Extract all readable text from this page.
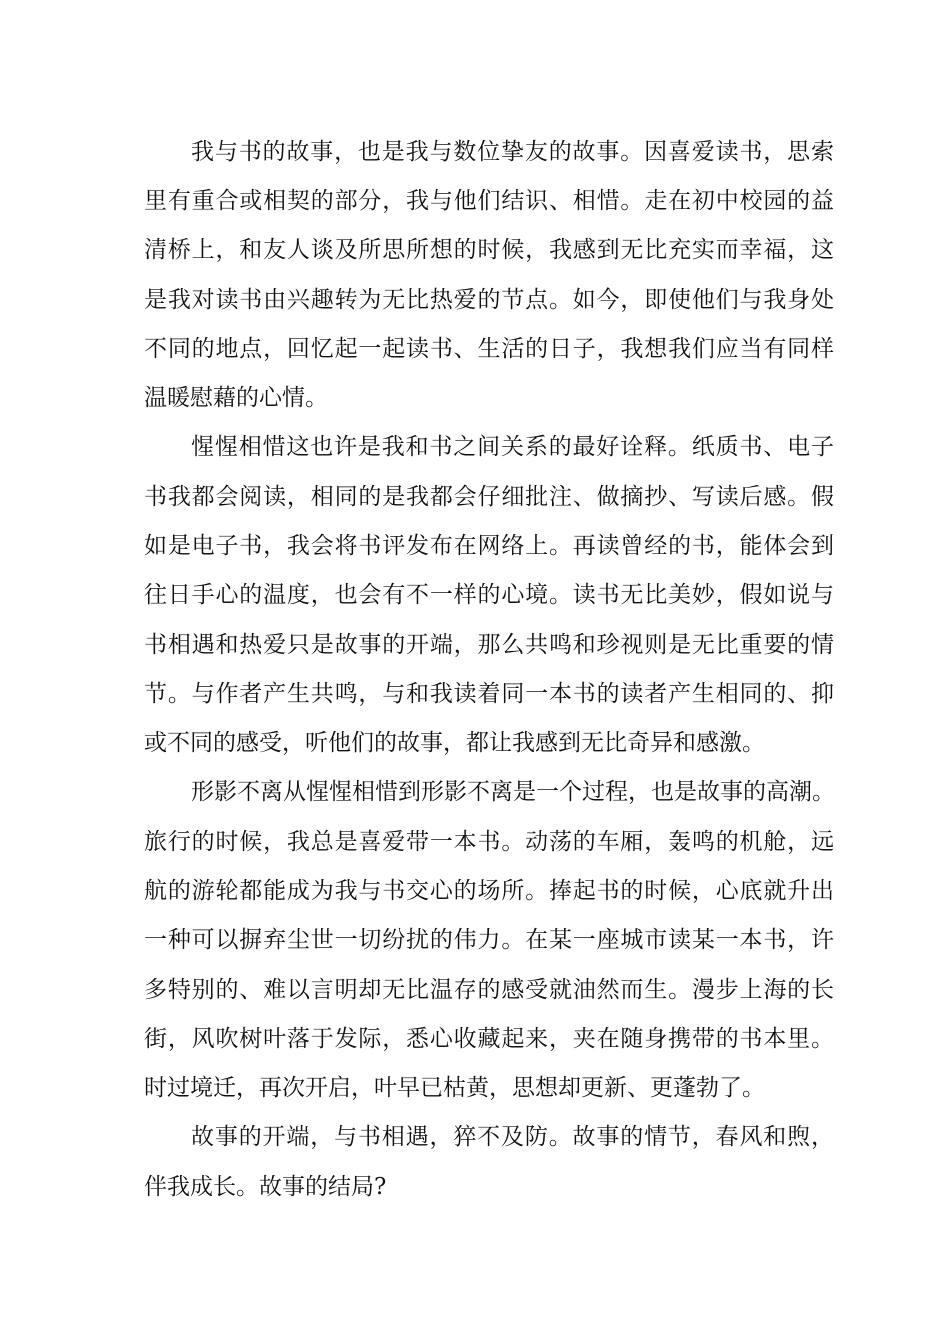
我与书的故事，也是我与数位挚友的故事。因喜爱读书，思索
里有重合或相契的部分，我与他们结识、相惜。走在初中校园的益
清桥上，和友人谈及所思所想的时候，我感到无比充实而幸福，这
是我对读书由兴趣转为无比热爱的节点。如今，即使他们与我身处
不同的地点，回忆起一起读书、生活的日子，我想我们应当有同样
温暖慰藉的心情。
惺惺相惜这也许是我和书之间关系的最好诠释。纸质书、电子
书我都会阅读，相同的是我都会仔细批注、做摘抄、写读后感。假
如是电子书，我会将书评发布在网络上。再读曾经的书，能体会到
往日手心的温度，也会有不一样的心境。读书无比美妙，假如说与
书相遇和热爱只是故事的开端，那么共鸣和珍视则是无比重要的情
节。与作者产生共鸣，与和我读着同一本书的读者产生相同的、抑
或不同的感受，听他们的故事，都让我感到无比奇异和感激。
形影不离从惺惺相惜到形影不离是一个过程，也是故事的高潮。
旅行的时候，我总是喜爱带一本书。动荡的车厢，轰鸣的机舱，远
航的游轮都能成为我与书交心的场所。捧起书的时候，心底就升出
一种可以摒弃尘世一切纷扰的伟力。在某一座城市读某一本书，许
多特别的、难以言明却无比温存的感受就油然而生。漫步上海的长
街，风吹树叶落于发际，悉心收藏起来，夹在随身携带的书本里。
时过境迁，再次开启，叶早已枯黄，思想却更新、更蓬勃了。
故事的开端，与书相遇，猝不及防。故事的情节，春风和煦，
伴我成长。故事的结局?
